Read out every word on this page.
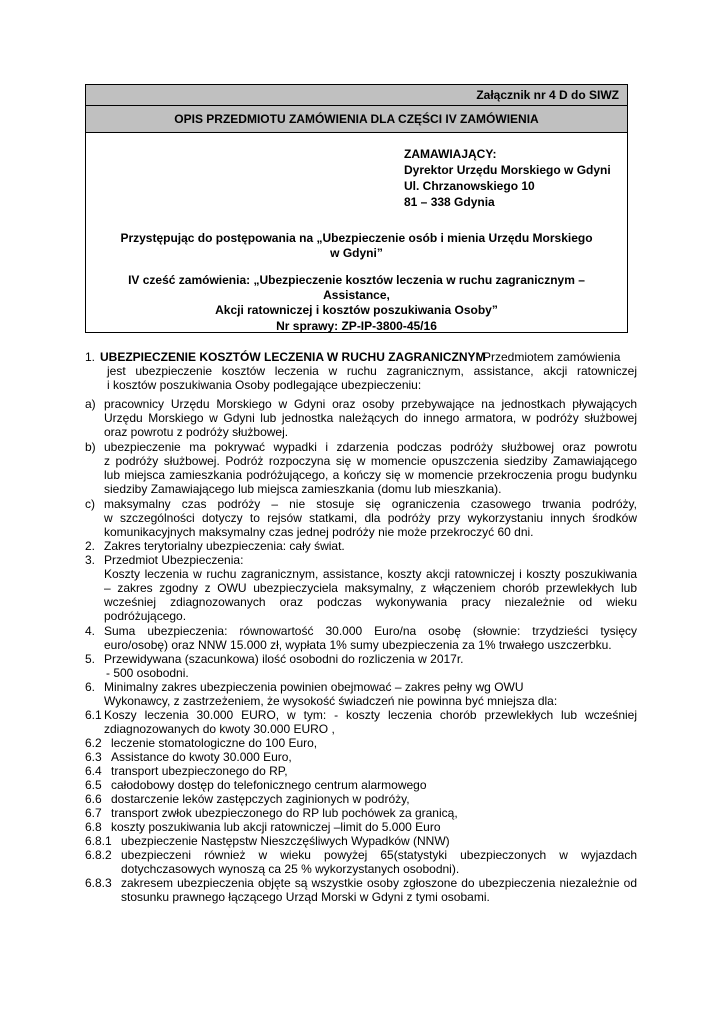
Załącznik nr 4 D do SIWZ
OPIS PRZEDMIOTU ZAMÓWIENIA DLA CZĘŚCI IV ZAMÓWIENIA
ZAMAWIAJĄCY:
Dyrektor Urzędu Morskiego w Gdyni
Ul. Chrzanowskiego 10
81 – 338 Gdynia
Przystępując do postępowania na „Ubezpieczenie osób i mienia Urzędu Morskiego
w Gdyni”
IV cześć zamówienia: „Ubezpieczenie kosztów leczenia w ruchu zagranicznym – Assistance,
Akcji ratowniczej i kosztów poszukiwania Osoby”
Nr sprawy: ZP-IP-3800-45/16
1. UBEZPIECZENIE KOSZTÓW LECZENIA W RUCHU ZAGRANICZNYM
Przedmiotem zamówienia
jest ubezpieczenie kosztów leczenia w ruchu zagranicznym, assistance, akcji ratowniczej
i kosztów poszukiwania Osoby podlegające ubezpieczeniu:
a) pracownicy Urzędu Morskiego w Gdyni oraz osoby przebywające na jednostkach pływających
Urzędu Morskiego w Gdyni lub jednostka należących do innego armatora, w podróży służbowej
oraz powrotu z podróży służbowej.
b) ubezpieczenie ma pokrywać wypadki i zdarzenia podczas podróży służbowej oraz powrotu
z podróży służbowej. Podróż rozpoczyna się w momencie opuszczenia siedziby Zamawiającego
lub miejsca zamieszkania podróżującego, a kończy się w momencie przekroczenia progu budynku
siedziby Zamawiającego lub miejsca zamieszkania (domu lub mieszkania).
c) maksymalny czas podróży – nie stosuje się ograniczenia czasowego trwania podróży,
w szczególności dotyczy to rejsów statkami, dla podróży przy wykorzystaniu innych środków
komunikacyjnych maksymalny czas jednej podróży nie może przekroczyć 60 dni.
2. Zakres terytorialny ubezpieczenia: cały świat.
3. Przedmiot Ubezpieczenia:
Koszty leczenia w ruchu zagranicznym, assistance, koszty akcji ratowniczej i koszty poszukiwania
– zakres zgodny z OWU ubezpieczyciela maksymalny, z włączeniem chorób przewlekłych lub
wcześniej zdiagnozowanych oraz podczas wykonywania pracy niezależnie od wieku
podróżującego.
4. Suma ubezpieczenia: równowartość 30.000 Euro/na osobę (słownie: trzydzieści tysięcy
euro/osobę) oraz NNW 15.000 zł, wypłata 1% sumy ubezpieczenia za 1% trwałego uszczerbku.
5. Przewidywana (szacunkowa) ilość osobodni do rozliczenia w 2017r.
- 500 osobodni.
6. Minimalny zakres ubezpieczenia powinien obejmować – zakres pełny wg OWU
Wykonawcy, z zastrzeżeniem, że wysokość świadczeń nie powinna być mniejsza dla:
6.1 Koszy leczenia 30.000 EURO, w tym: - koszty leczenia chorób przewlekłych lub wcześniej
zdiagnozowanych do kwoty 30.000 EURO ,
6.2 leczenie stomatologiczne do 100 Euro,
6.3 Assistance do kwoty 30.000 Euro,
6.4 transport ubezpieczonego do RP,
6.5 całodobowy dostęp do telefonicznego centrum alarmowego
6.6 dostarczenie leków zastępczych zaginionych w podróży,
6.7 transport zwłok ubezpieczonego do RP lub pochówek za granicą,
6.8 koszty poszukiwania lub akcji ratowniczej –limit do 5.000 Euro
6.8.1 ubezpieczenie Następstw Nieszczęśliwych Wypadków (NNW)
6.8.2 ubezpieczeni również w wieku powyżej 65(statystyki ubezpieczonych w wyjazdach
dotychczasowych wynoszą ca 25 % wykorzystanych osobodni).
6.8.3 zakresem ubezpieczenia objęte są wszystkie osoby zgłoszone do ubezpieczenia niezależnie od
stosunku prawnego łączącego Urząd Morski w Gdyni z tymi osobami.
